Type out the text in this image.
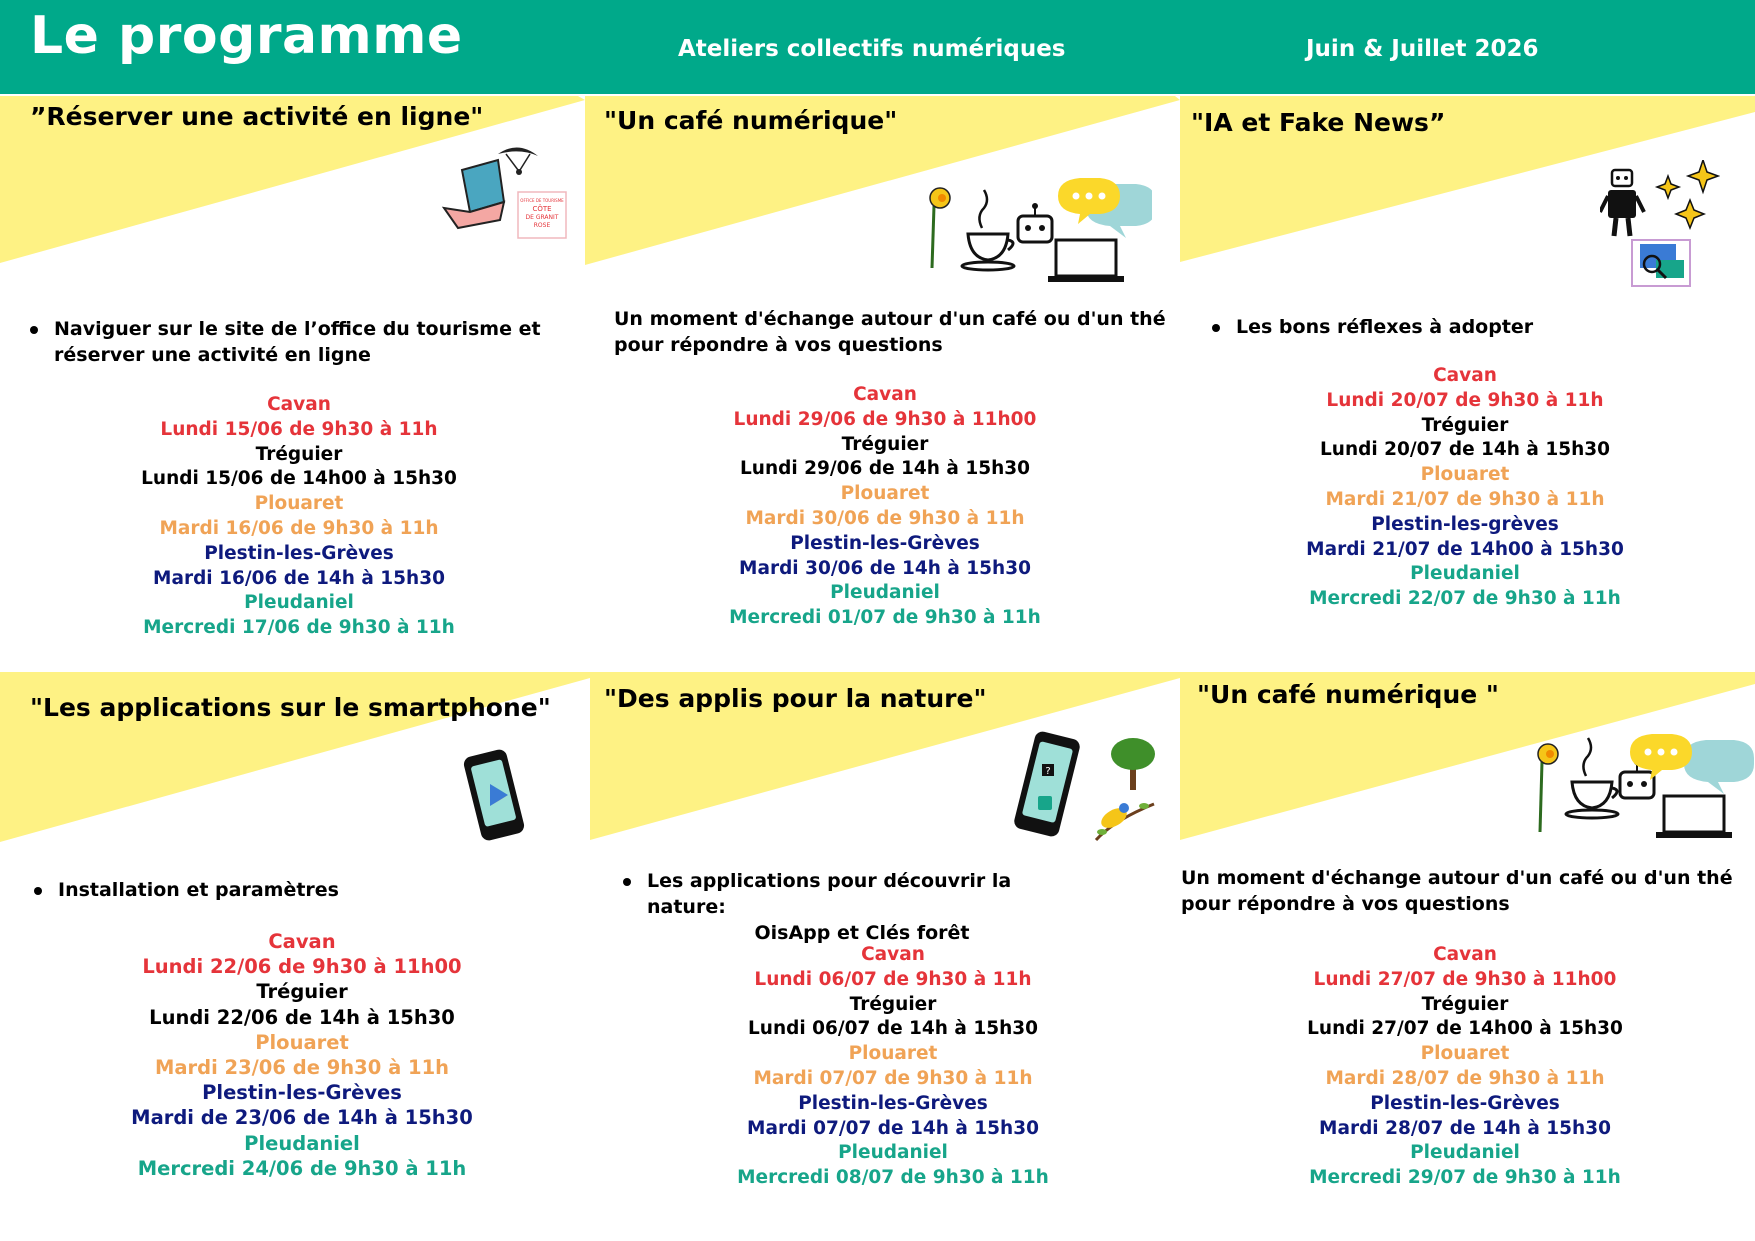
Le programme	Ateliers collectifs numériques	Juin & Juillet 2026
”Réserver une activité en ligne"
OFFICE DE TOURISME
CÔTE
DE GRANIT
ROSE
Naviguer sur le site de l’office du tourisme et
réserver une activité en ligne
Cavan
Lundi 15/06 de 9h30 à 11h
Tréguier
Lundi 15/06 de 14h00 à 15h30
Plouaret
Mardi 16/06 de 9h30 à 11h
Plestin-les-Grèves
Mardi 16/06 de 14h à 15h30
Pleudaniel
Mercredi 17/06 de 9h30 à 11h
"Un café numérique"
Un moment d'échange autour d'un café ou d'un thé
pour répondre à vos questions
Cavan
Lundi 29/06 de 9h30 à 11h00
Tréguier
Lundi 29/06 de 14h à 15h30
Plouaret
Mardi 30/06 de 9h30 à 11h
Plestin-les-Grèves
Mardi 30/06 de 14h à 15h30
Pleudaniel
Mercredi 01/07 de 9h30 à 11h
"IA et Fake News”
Les bons réflexes à adopter
Cavan
Lundi 20/07 de 9h30 à 11h
Tréguier
Lundi 20/07 de 14h à 15h30
Plouaret
Mardi 21/07 de 9h30 à 11h
Plestin-les-grèves
Mardi 21/07 de 14h00 à 15h30
Pleudaniel
Mercredi 22/07 de 9h30 à 11h
"Les applications sur le smartphone"
Installation et paramètres
Cavan
Lundi 22/06 de 9h30 à 11h00
Tréguier
Lundi 22/06 de 14h à 15h30
Plouaret
Mardi 23/06 de 9h30 à 11h
Plestin-les-Grèves
Mardi de 23/06 de 14h à 15h30
Pleudaniel
Mercredi 24/06 de 9h30 à 11h
"Des applis pour la nature"
?
Les applications pour découvrir la nature:
OisApp et Clés forêt
Cavan
Lundi 06/07 de 9h30 à 11h
Tréguier
Lundi 06/07 de 14h à 15h30
Plouaret
Mardi 07/07 de 9h30 à 11h
Plestin-les-Grèves
Mardi 07/07 de 14h à 15h30
Pleudaniel
Mercredi 08/07 de 9h30 à 11h
"Un café numérique "
Un moment d'échange autour d'un café ou d'un thé
pour répondre à vos questions
Cavan
Lundi 27/07 de 9h30 à 11h00
Tréguier
Lundi 27/07 de 14h00 à 15h30
Plouaret
Mardi 28/07 de 9h30 à 11h
Plestin-les-Grèves
Mardi 28/07 de 14h à 15h30
Pleudaniel
Mercredi 29/07 de 9h30 à 11h
